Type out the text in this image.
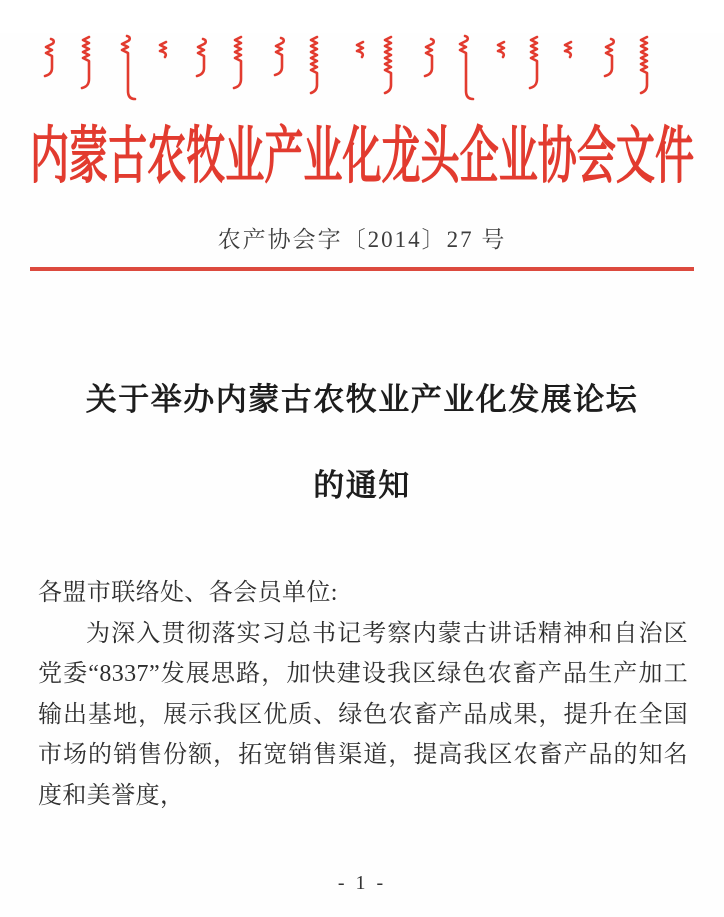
内蒙古农牧业产业化龙头企业协会文件
农产协会字〔2014〕27 号
关于举办内蒙古农牧业产业化发展论坛
的通知

各盟市联络处、各会员单位:

为深入贯彻落实习总书记考察内蒙古讲话精神和自治区党委“8337”发展思路，加快建设我区绿色农畜产品生产加工输出基地，展示我区优质、绿色农畜产品成果，提升在全国市场的销售份额，拓宽销售渠道，提高我区农畜产品的知名度和美誉度，

- 1 -
